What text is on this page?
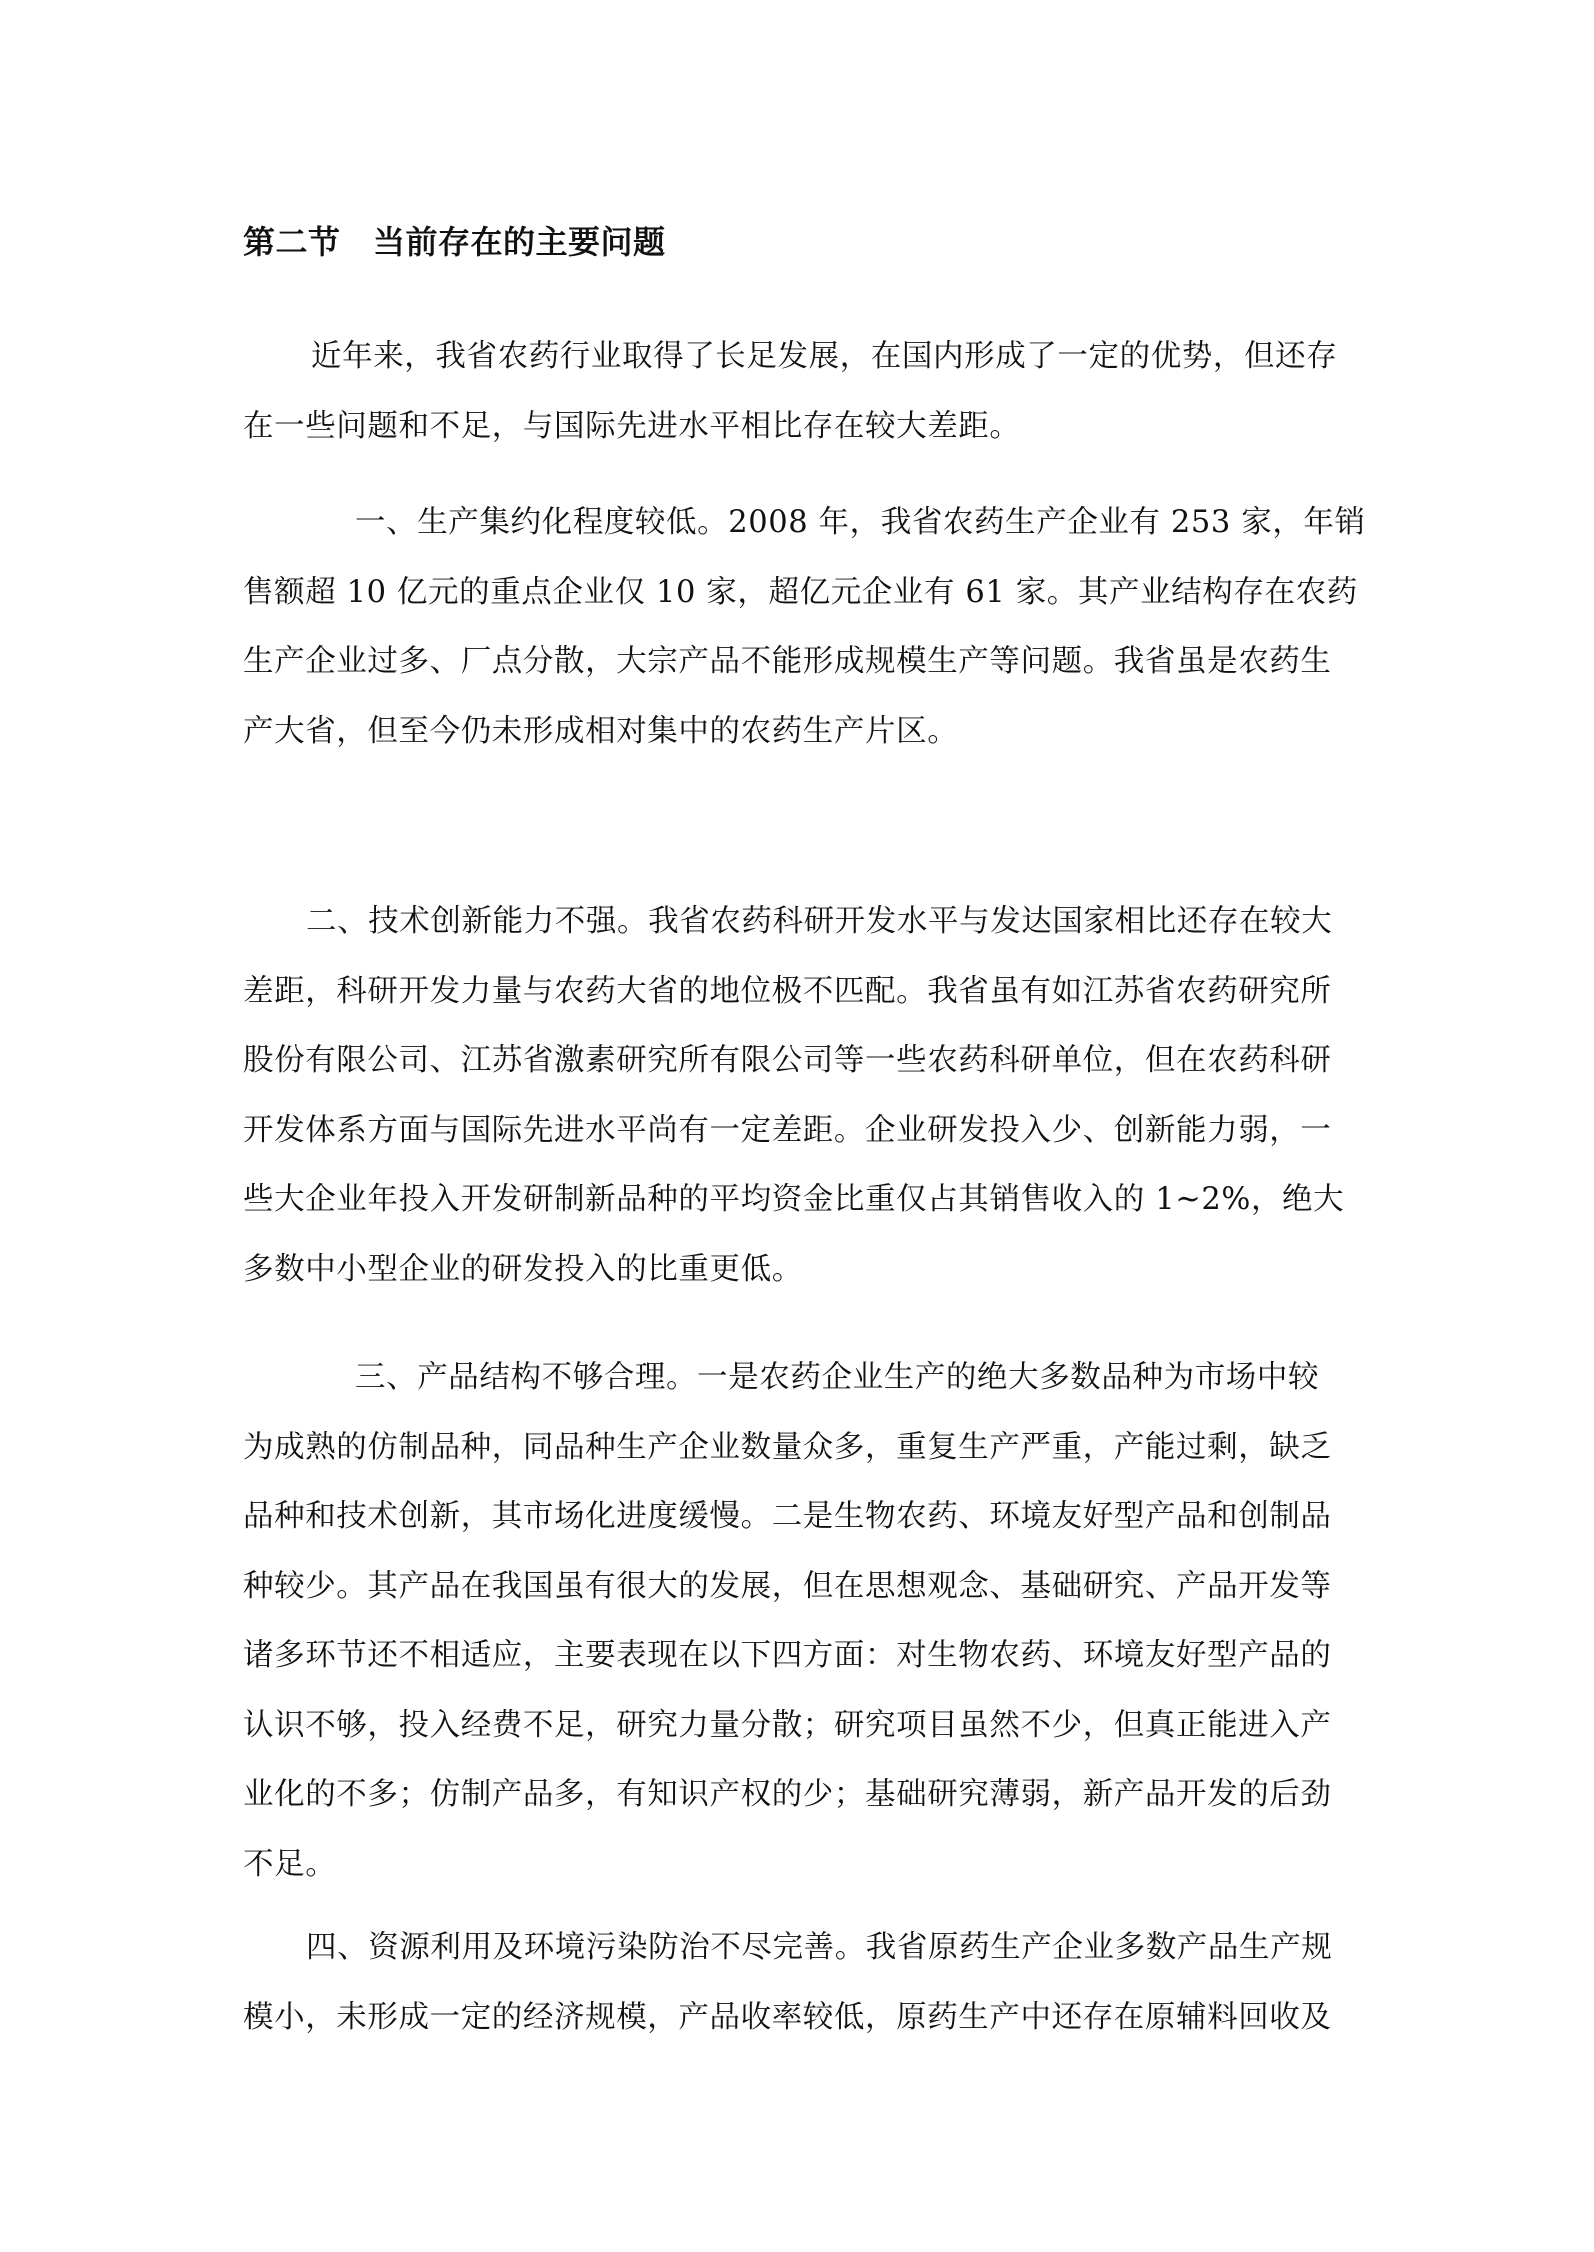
第二节　当前存在的主要问题

近年来，我省农药行业取得了长足发展，在国内形成了一定的优势，但还存
在一些问题和不足，与国际先进水平相比存在较大差距。

一、生产集约化程度较低。2008 年，我省农药生产企业有 253 家，年销
售额超 10 亿元的重点企业仅 10 家，超亿元企业有 61 家。其产业结构存在农药
生产企业过多、厂点分散，大宗产品不能形成规模生产等问题。我省虽是农药生
产大省，但至今仍未形成相对集中的农药生产片区。

二、技术创新能力不强。我省农药科研开发水平与发达国家相比还存在较大
差距，科研开发力量与农药大省的地位极不匹配。我省虽有如江苏省农药研究所
股份有限公司、江苏省激素研究所有限公司等一些农药科研单位，但在农药科研
开发体系方面与国际先进水平尚有一定差距。企业研发投入少、创新能力弱，一
些大企业年投入开发研制新品种的平均资金比重仅占其销售收入的 1~2%，绝大
多数中小型企业的研发投入的比重更低。

三、产品结构不够合理。一是农药企业生产的绝大多数品种为市场中较
为成熟的仿制品种，同品种生产企业数量众多，重复生产严重，产能过剩，缺乏
品种和技术创新，其市场化进度缓慢。二是生物农药、环境友好型产品和创制品
种较少。其产品在我国虽有很大的发展，但在思想观念、基础研究、产品开发等
诸多环节还不相适应，主要表现在以下四方面：对生物农药、环境友好型产品的
认识不够，投入经费不足，研究力量分散；研究项目虽然不少，但真正能进入产
业化的不多；仿制产品多，有知识产权的少；基础研究薄弱，新产品开发的后劲
不足。

四、资源利用及环境污染防治不尽完善。我省原药生产企业多数产品生产规
模小，未形成一定的经济规模，产品收率较低，原药生产中还存在原辅料回收及
